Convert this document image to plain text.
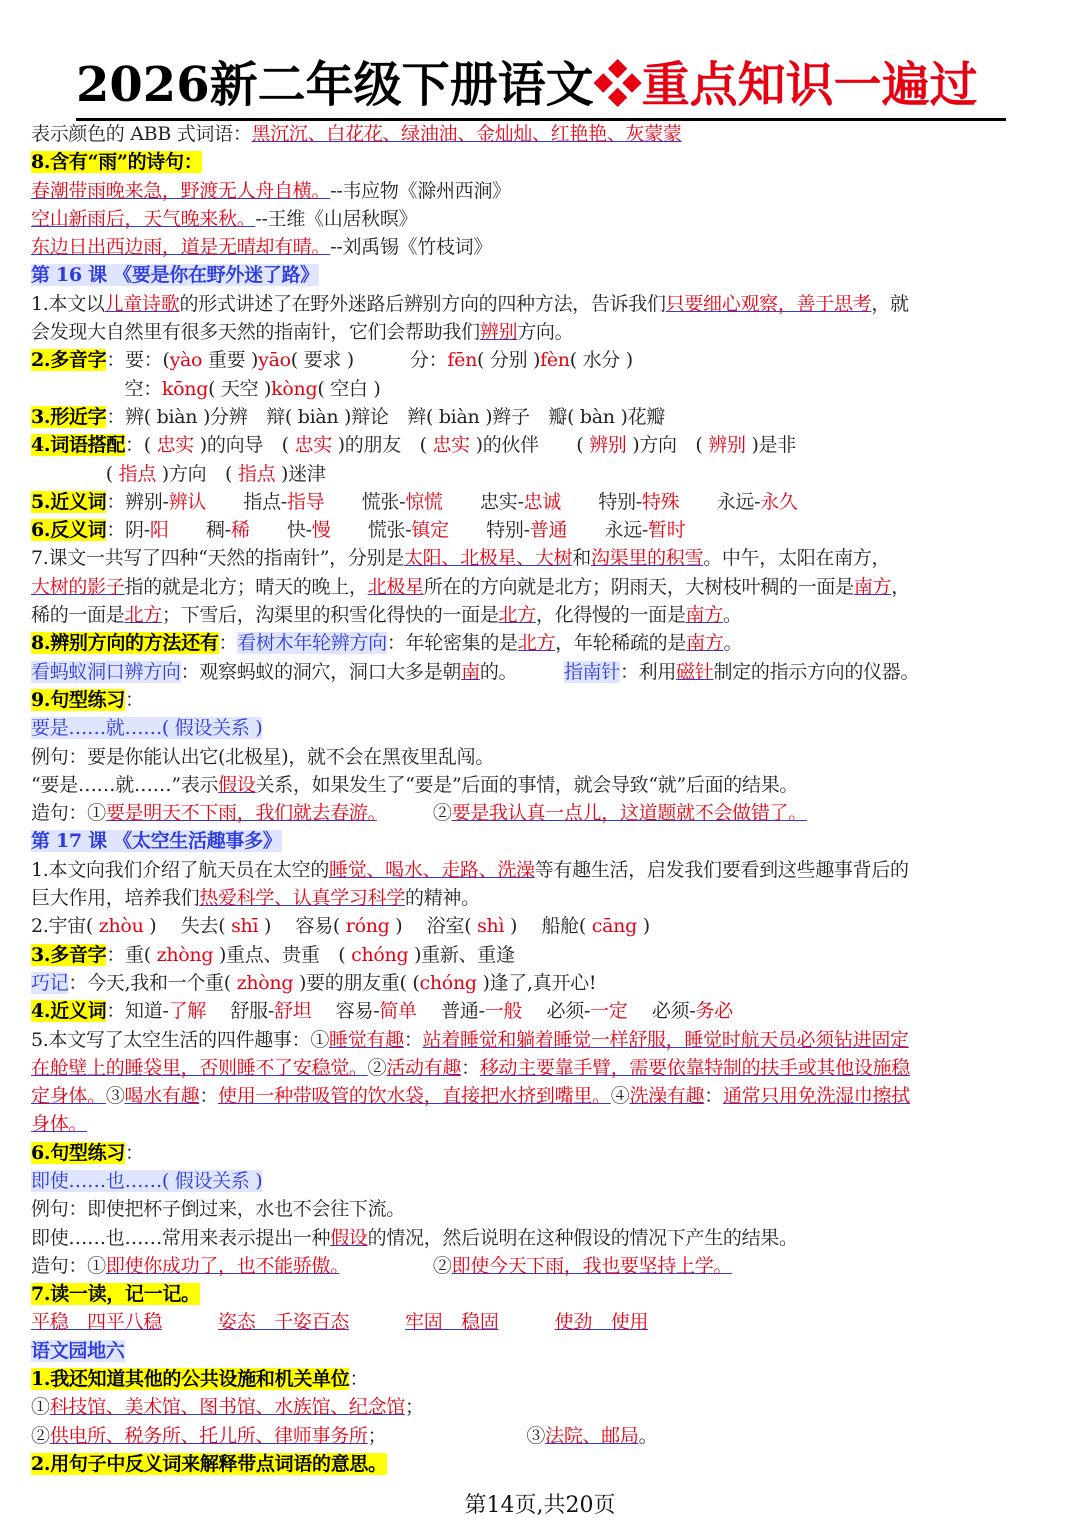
2026新二年级下册语文❖重点知识一遍过
表示颜色的 ABB 式词语：黑沉沉、白花花、绿油油、金灿灿、红艳艳、灰蒙蒙
8.含有“雨”的诗句：
春潮带雨晚来急，野渡无人舟自横。--韦应物《滁州西涧》
空山新雨后，天气晚来秋。--王维《山居秋暝》
东边日出西边雨，道是无晴却有晴。--刘禹锡《竹枝词》
第 16 课 《要是你在野外迷了路》
1.本文以儿童诗歌的形式讲述了在野外迷路后辨别方向的四种方法，告诉我们只要细心观察，善于思考，就
会发现大自然里有很多天然的指南针，它们会帮助我们辨别方向。
2.多音字：要：(yào 重要 )yāo( 要求 )　　　分：fēn( 分别 )fèn( 水分 )
　　　　　空：kōng( 天空 )kòng( 空白 )
3.形近字：辨( biàn )分辨　辩( biàn )辩论　辫( biàn )辫子　瓣( bàn )花瓣
4.词语搭配：( 忠实 )的向导　( 忠实 )的朋友　( 忠实 )的伙伴　　( 辨别 )方向　( 辨别 )是非
　　　　( 指点 )方向　( 指点 )迷津
5.近义词：辨别-辨认　　指点-指导　　慌张-惊慌　　忠实-忠诚　　特别-特殊　　永远-永久
6.反义词：阴-阳　　稠-稀　　快-慢　　慌张-镇定　　特别-普通　　永远-暂时
7.课文一共写了四种“天然的指南针”，分别是太阳、北极星、大树和沟渠里的积雪。中午，太阳在南方，
大树的影子指的就是北方；晴天的晚上，北极星所在的方向就是北方；阴雨天，大树枝叶稠的一面是南方，
稀的一面是北方；下雪后，沟渠里的积雪化得快的一面是北方，化得慢的一面是南方。
8.辨别方向的方法还有：看树木年轮辨方向：年轮密集的是北方，年轮稀疏的是南方。
看蚂蚁洞口辨方向：观察蚂蚁的洞穴，洞口大多是朝南的。　　　指南针：利用磁针制定的指示方向的仪器。
9.句型练习：
要是……就……( 假设关系 )
例句：要是你能认出它(北极星)，就不会在黑夜里乱闯。
“要是……就……”表示假设关系，如果发生了“要是”后面的事情，就会导致“就”后面的结果。
造句：①要是明天不下雨，我们就去春游。　　　②要是我认真一点儿，这道题就不会做错了。
第 17 课 《太空生活趣事多》
1.本文向我们介绍了航天员在太空的睡觉、喝水、走路、洗澡等有趣生活，启发我们要看到这些趣事背后的
巨大作用，培养我们热爱科学、认真学习科学的精神。
2.宇宙( zhòu )　 失去( shī )　 容易( róng )　 浴室( shì )　 船舱( cāng )
3.多音字：重( zhòng )重点、贵重　( chóng )重新、重逢
巧记：今天,我和一个重( zhòng )要的朋友重( (chóng )逢了,真开心!
4.近义词：知道-了解　 舒服-舒坦　 容易-简单　 普通-一般　 必须-一定　 必须-务必
5.本文写了太空生活的四件趣事：①睡觉有趣：站着睡觉和躺着睡觉一样舒服，睡觉时航天员必须钻进固定
在舱壁上的睡袋里，否则睡不了安稳觉。②活动有趣：移动主要靠手臂，需要依靠特制的扶手或其他设施稳
定身体。③喝水有趣：使用一种带吸管的饮水袋，直接把水挤到嘴里。④洗澡有趣：通常只用免洗湿巾擦拭
身体。
6.句型练习：
即使……也……( 假设关系 )
例句：即使把杯子倒过来，水也不会往下流。
即使……也……常用来表示提出一种假设的情况，然后说明在这种假设的情况下产生的结果。
造句：①即使你成功了，也不能骄傲。　　　　　②即使今天下雨，我也要坚持上学。
7.读一读，记一记。
平稳　四平八稳　　　	姿态　千姿百态　　　	牢固　稳固　　　	使劲　使用
语文园地六
1.我还知道其他的公共设施和机关单位：
①科技馆、美术馆、图书馆、水族馆、纪念馆；
②供电所、税务所、托儿所、律师事务所；　　　　　　　　③法院、邮局。
2.用句子中反义词来解释带点词语的意思。
第14页,共20页
